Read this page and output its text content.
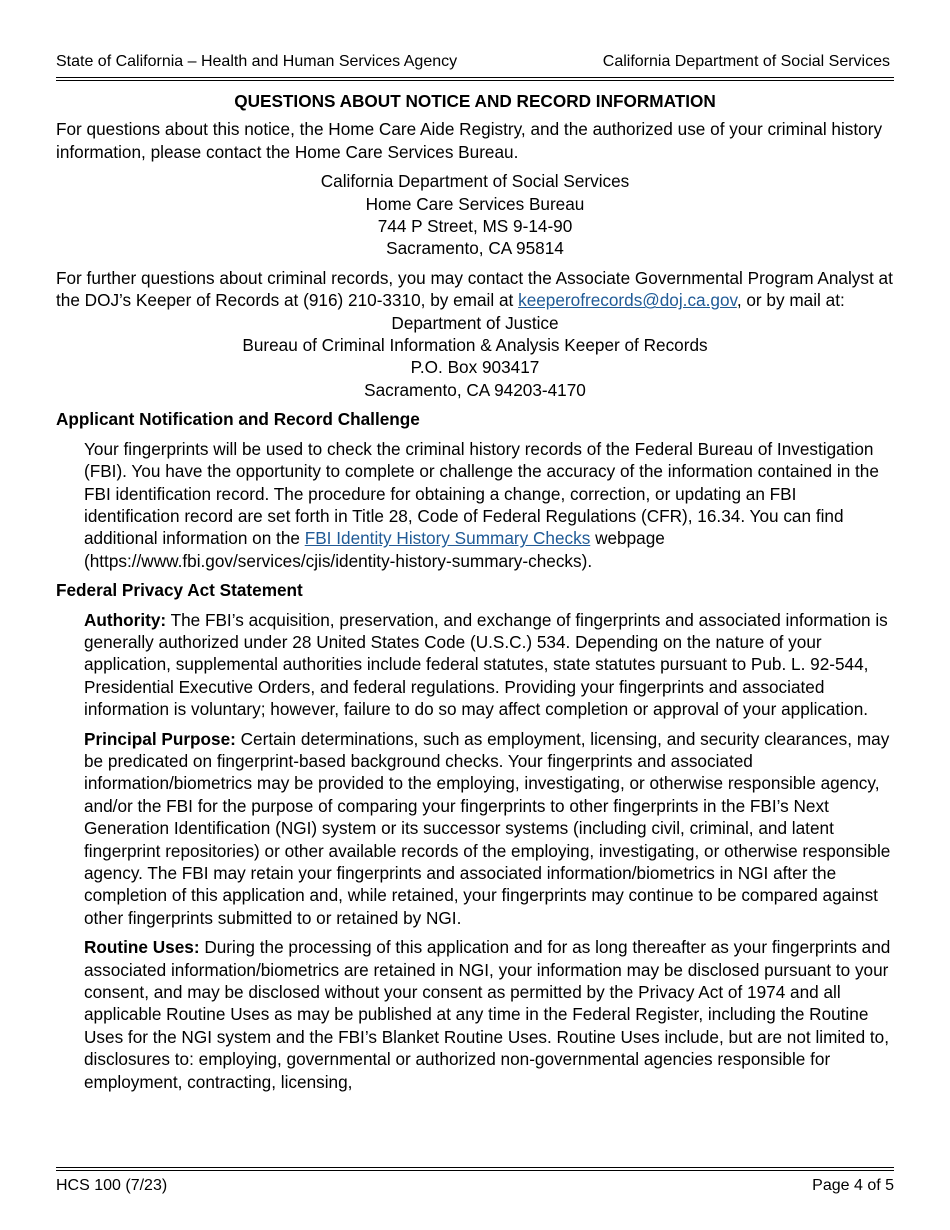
State of California – Health and Human Services Agency	California Department of Social Services

QUESTIONS ABOUT NOTICE AND RECORD INFORMATION

For questions about this notice, the Home Care Aide Registry, and the authorized use of your criminal history information, please contact the Home Care Services Bureau.

California Department of Social Services
Home Care Services Bureau
744 P Street, MS 9-14-90
Sacramento, CA 95814

For further questions about criminal records, you may contact the Associate Governmental Program Analyst at the DOJ’s Keeper of Records at (916) 210-3310, by email at keeperofrecords@doj.ca.gov, or by mail at:

Department of Justice
Bureau of Criminal Information & Analysis Keeper of Records
P.O. Box 903417
Sacramento, CA 94203-4170
Applicant Notification and Record Challenge

Your fingerprints will be used to check the criminal history records of the Federal Bureau of Investigation (FBI). You have the opportunity to complete or challenge the accuracy of the information contained in the FBI identification record. The procedure for obtaining a change, correction, or updating an FBI identification record are set forth in Title 28, Code of Federal Regulations (CFR), 16.34. You can find additional information on the FBI Identity History Summary Checks webpage (https://www.fbi.gov/services/cjis/identity-history-summary-checks).

Federal Privacy Act Statement

Authority: The FBI’s acquisition, preservation, and exchange of fingerprints and associated information is generally authorized under 28 United States Code (U.S.C.) 534. Depending on the nature of your application, supplemental authorities include federal statutes, state statutes pursuant to Pub. L. 92-544, Presidential Executive Orders, and federal regulations. Providing your fingerprints and associated information is voluntary; however, failure to do so may affect completion or approval of your application.

Principal Purpose: Certain determinations, such as employment, licensing, and security clearances, may be predicated on fingerprint-based background checks. Your fingerprints and associated information/biometrics may be provided to the employing, investigating, or otherwise responsible agency, and/or the FBI for the purpose of comparing your fingerprints to other fingerprints in the FBI’s Next Generation Identification (NGI) system or its successor systems (including civil, criminal, and latent fingerprint repositories) or other available records of the employing, investigating, or otherwise responsible agency. The FBI may retain your fingerprints and associated information/biometrics in NGI after the completion of this application and, while retained, your fingerprints may continue to be compared against other fingerprints submitted to or retained by NGI.

Routine Uses: During the processing of this application and for as long thereafter as your fingerprints and associated information/biometrics are retained in NGI, your information may be disclosed pursuant to your consent, and may be disclosed without your consent as permitted by the Privacy Act of 1974 and all applicable Routine Uses as may be published at any time in the Federal Register, including the Routine Uses for the NGI system and the FBI’s Blanket Routine Uses. Routine Uses include, but are not limited to, disclosures to: employing, governmental or authorized non-governmental agencies responsible for employment, contracting, licensing,

HCS 100 (7/23)	Page 4 of 5
